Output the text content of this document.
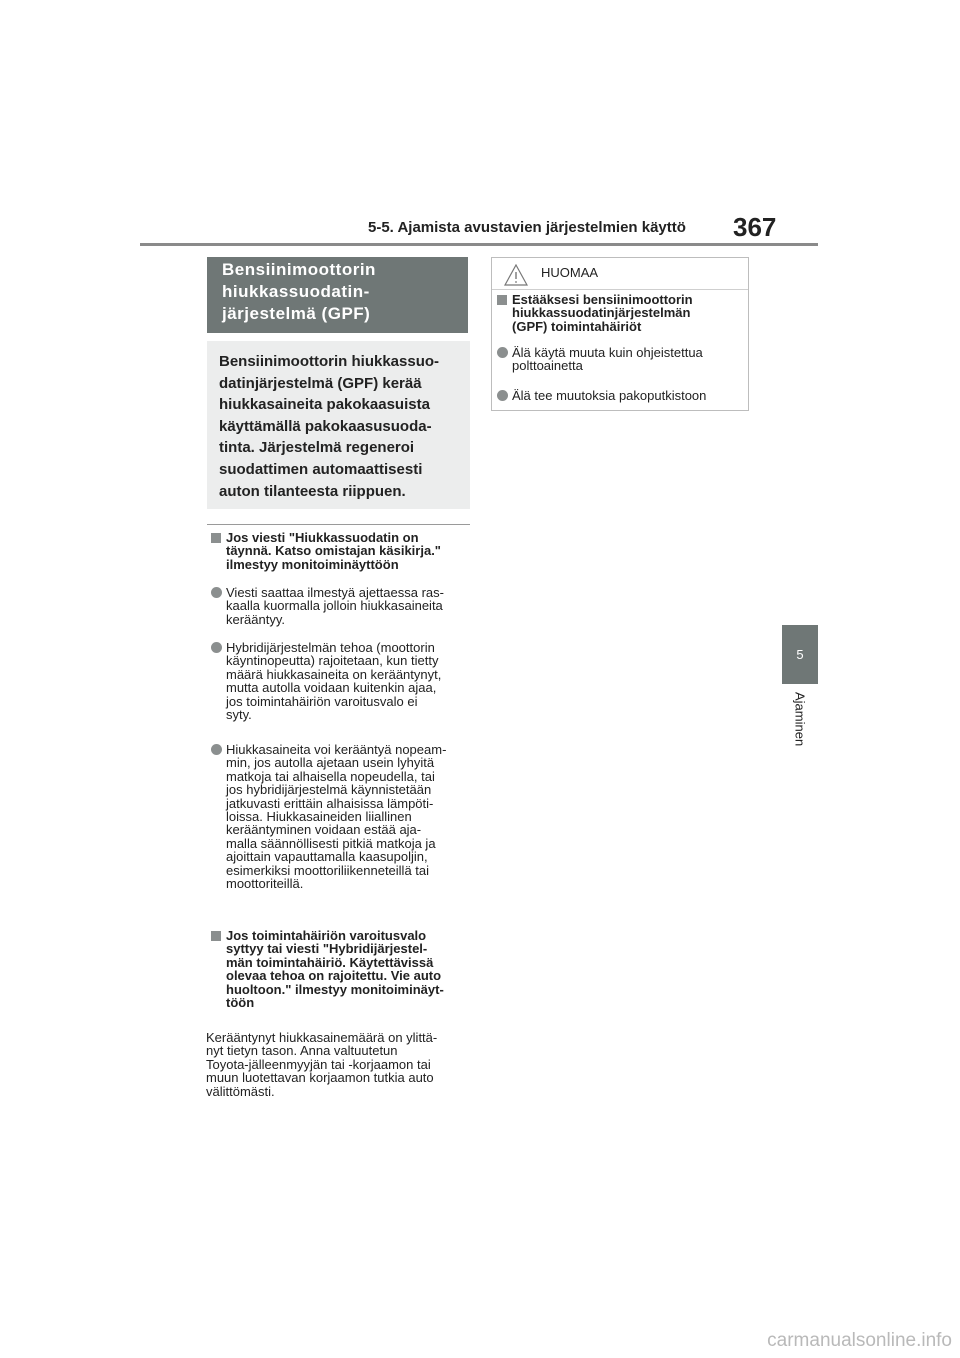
5-5. Ajamista avustavien järjestelmien käyttö 367
Bensiinimoottorin
hiukkassuodatin-
järjestelmä (GPF)
Bensiinimoottorin hiukkassuo-
datinjärjestelmä (GPF) kerää
hiukkasaineita pakokaasuista
käyttämällä pakokaasusuoda-
tinta. Järjestelmä regeneroi
suodattimen automaattisesti
auton tilanteesta riippuen.
Jos viesti "Hiukkassuodatin on
täynnä. Katso omistajan käsikirja."
ilmestyy monitoiminäyttöön
Viesti saattaa ilmestyä ajettaessa ras-
kaalla kuormalla jolloin hiukkasaineita
kerääntyy.
Hybridijärjestelmän tehoa (moottorin
käyntinopeutta) rajoitetaan, kun tietty
määrä hiukkasaineita on kerääntynyt,
mutta autolla voidaan kuitenkin ajaa,
jos toimintahäiriön varoitusvalo ei
syty.
Hiukkasaineita voi kerääntyä nopeam-
min, jos autolla ajetaan usein lyhyitä
matkoja tai alhaisella nopeudella, tai
jos hybridijärjestelmä käynnistetään
jatkuvasti erittäin alhaisissa lämpöti-
loissa. Hiukkasaineiden liiallinen
kerääntyminen voidaan estää aja-
malla säännöllisesti pitkiä matkoja ja
ajoittain vapauttamalla kaasupoljin,
esimerkiksi moottoriliikenneteillä tai
moottoriteillä.
Jos toimintahäiriön varoitusvalo
syttyy tai viesti "Hybridijärjestel-
män toimintahäiriö. Käytettävissä
olevaa tehoa on rajoitettu. Vie auto
huoltoon." ilmestyy monitoiminäyt-
töön
Kerääntynyt hiukkasainemäärä on ylittä-
nyt tietyn tason. Anna valtuutetun
Toyota-jälleenmyyjän tai -korjaamon tai
muun luotettavan korjaamon tutkia auto
välittömästi.
HUOMAA
Estääksesi bensiinimoottorin
hiukkassuodatinjärjestelmän
(GPF) toimintahäiriöt
Älä käytä muuta kuin ohjeistettua
polttoainetta
Älä tee muutoksia pakoputkistoon
5
Ajaminen
carmanualsonline.info
